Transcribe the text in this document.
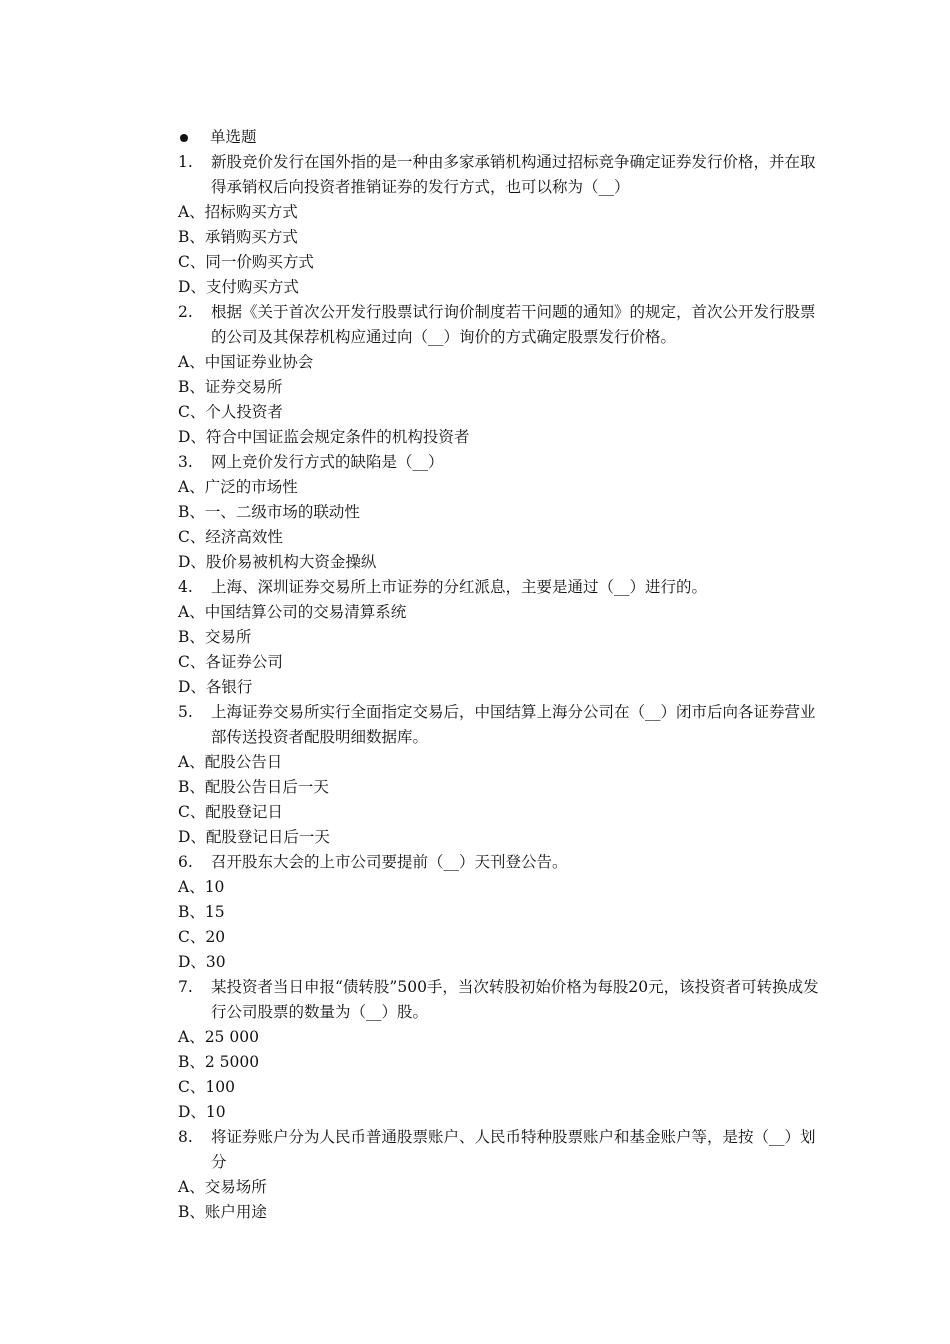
单选题
1.	新股竞价发行在国外指的是一种由多家承销机构通过招标竞争确定证券发行价格，并在取得承销权后向投资者推销证券的发行方式，也可以称为（__）
A、招标购买方式
B、承销购买方式
C、同一价购买方式
D、支付购买方式
2.	根据《关于首次公开发行股票试行询价制度若干问题的通知》的规定，首次公开发行股票的公司及其保荐机构应通过向（__）询价的方式确定股票发行价格。
A、中国证券业协会
B、证券交易所
C、个人投资者
D、符合中国证监会规定条件的机构投资者
3.	网上竞价发行方式的缺陷是（__）
A、广泛的市场性
B、一、二级市场的联动性
C、经济高效性
D、股价易被机构大资金操纵
4.	上海、深圳证券交易所上市证券的分红派息，主要是通过（__）进行的。
A、中国结算公司的交易清算系统
B、交易所
C、各证券公司
D、各银行
5.	上海证券交易所实行全面指定交易后，中国结算上海分公司在（__）闭市后向各证券营业部传送投资者配股明细数据库。
A、配股公告日
B、配股公告日后一天
C、配股登记日
D、配股登记日后一天
6.	召开股东大会的上市公司要提前（__）天刊登公告。
A、10
B、15
C、20
D、30
7.	某投资者当日申报“债转股”500手，当次转股初始价格为每股20元，该投资者可转换成发行公司股票的数量为（__）股。
A、25 000
B、2 5000
C、100
D、10
8.	将证券账户分为人民币普通股票账户、人民币特种股票账户和基金账户等，是按（__）划分
A、交易场所
B、账户用途
